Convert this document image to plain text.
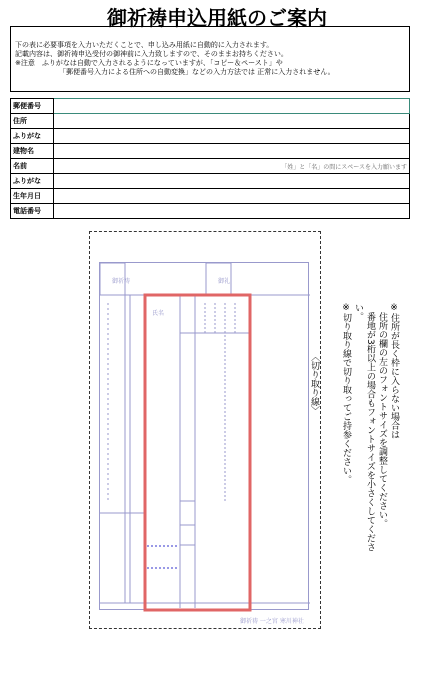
御祈祷申込用紙のご案内
下の表に必要事項を入力いただくことで、申し込み用紙に自動的に入力されます。
記載内容は、御祈祷申込受付の御神前に入力致しますので、そのままお持ちください。
※注意　ふりがなは自動で入力されるようになっていますが、「コピー＆ペースト」や
「郵便番号入力による住所への自動変換」などの入力方法では 正常に入力されません。
郵便番号	
住所	
ふりがな	
建物名	
名前	「姓」と「名」の間にスペースを入力願います

ふりがな	
生年月日	
電話番号	
御祈祷	御礼
氏名
御祈祷 一之宮 寒川神社
〈切り取り線〉	※住所が長く枠に入らない場合は
　住所の欄の左のフォントサイズを調整してください。
　番地が3桁以上の場合もフォントサイズを小さくしてください。
※切り取り線で切り取ってご持参ください。
